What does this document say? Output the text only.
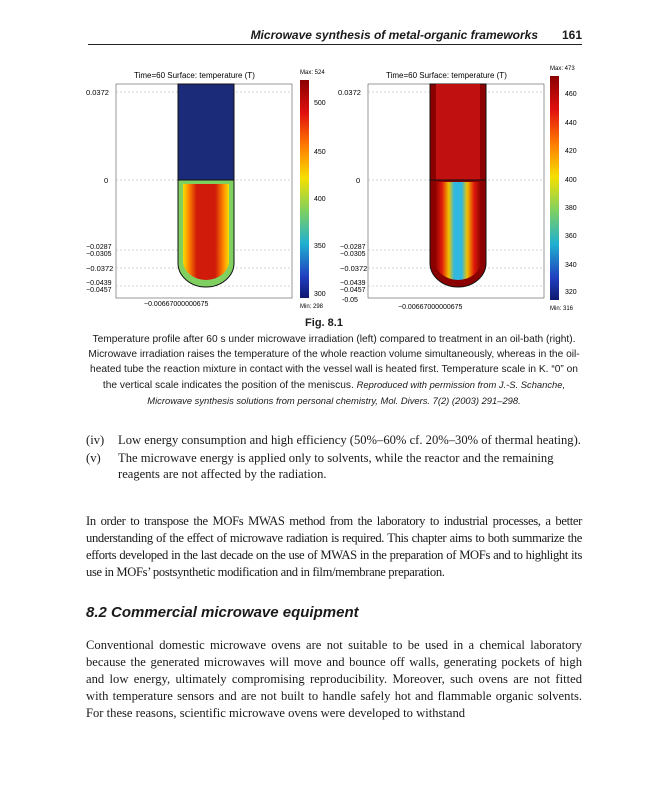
Microwave synthesis of metal-organic frameworks 161
Time=60 Surface: temperature (T)
0.0372
0
−0.0287
−0.0305
−0.0372
−0.0439
−0.0457
−0.00667000000675
Max: 524
500
450
400
350
300
Min: 298
Time=60 Surface: temperature (T)
0.0372
0
−0.0287
−0.0305
−0.0372
−0.0439
−0.0457
-0.05
−0.00667000000675
Max: 473
460
440
420
400
380
360
340
320
Min: 316
Fig. 8.1
Temperature profile after 60 s under microwave irradiation (left) compared to treatment in an oil-bath (right). Microwave irradiation raises the temperature of the whole reaction volume simultaneously, whereas in the oil-heated tube the reaction mixture in contact with the vessel wall is heated first. Temperature scale in K. “0” on the vertical scale indicates the position of the meniscus. Reproduced with permission from J.-S. Schanche, Microwave synthesis solutions from personal chemistry, Mol. Divers. 7(2) (2003) 291–298.
(iv) Low energy consumption and high efficiency (50%–60% cf. 20%–30% of thermal heating).
(v) The microwave energy is applied only to solvents, while the reactor and the remaining reagents are not affected by the radiation.
In order to transpose the MOFs MWAS method from the laboratory to industrial processes, a better understanding of the effect of microwave radiation is required. This chapter aims to both summarize the efforts developed in the last decade on the use of MWAS in the preparation of MOFs and to highlight its use in MOFs’ postsynthetic modification and in film/membrane preparation.
8.2 Commercial microwave equipment
Conventional domestic microwave ovens are not suitable to be used in a chemical laboratory because the generated microwaves will move and bounce off walls, generating pockets of high and low energy, ultimately compromising reproducibility. Moreover, such ovens are not fitted with temperature sensors and are not built to handle safely hot and flammable organic solvents. For these reasons, scientific microwave ovens were developed to withstand
